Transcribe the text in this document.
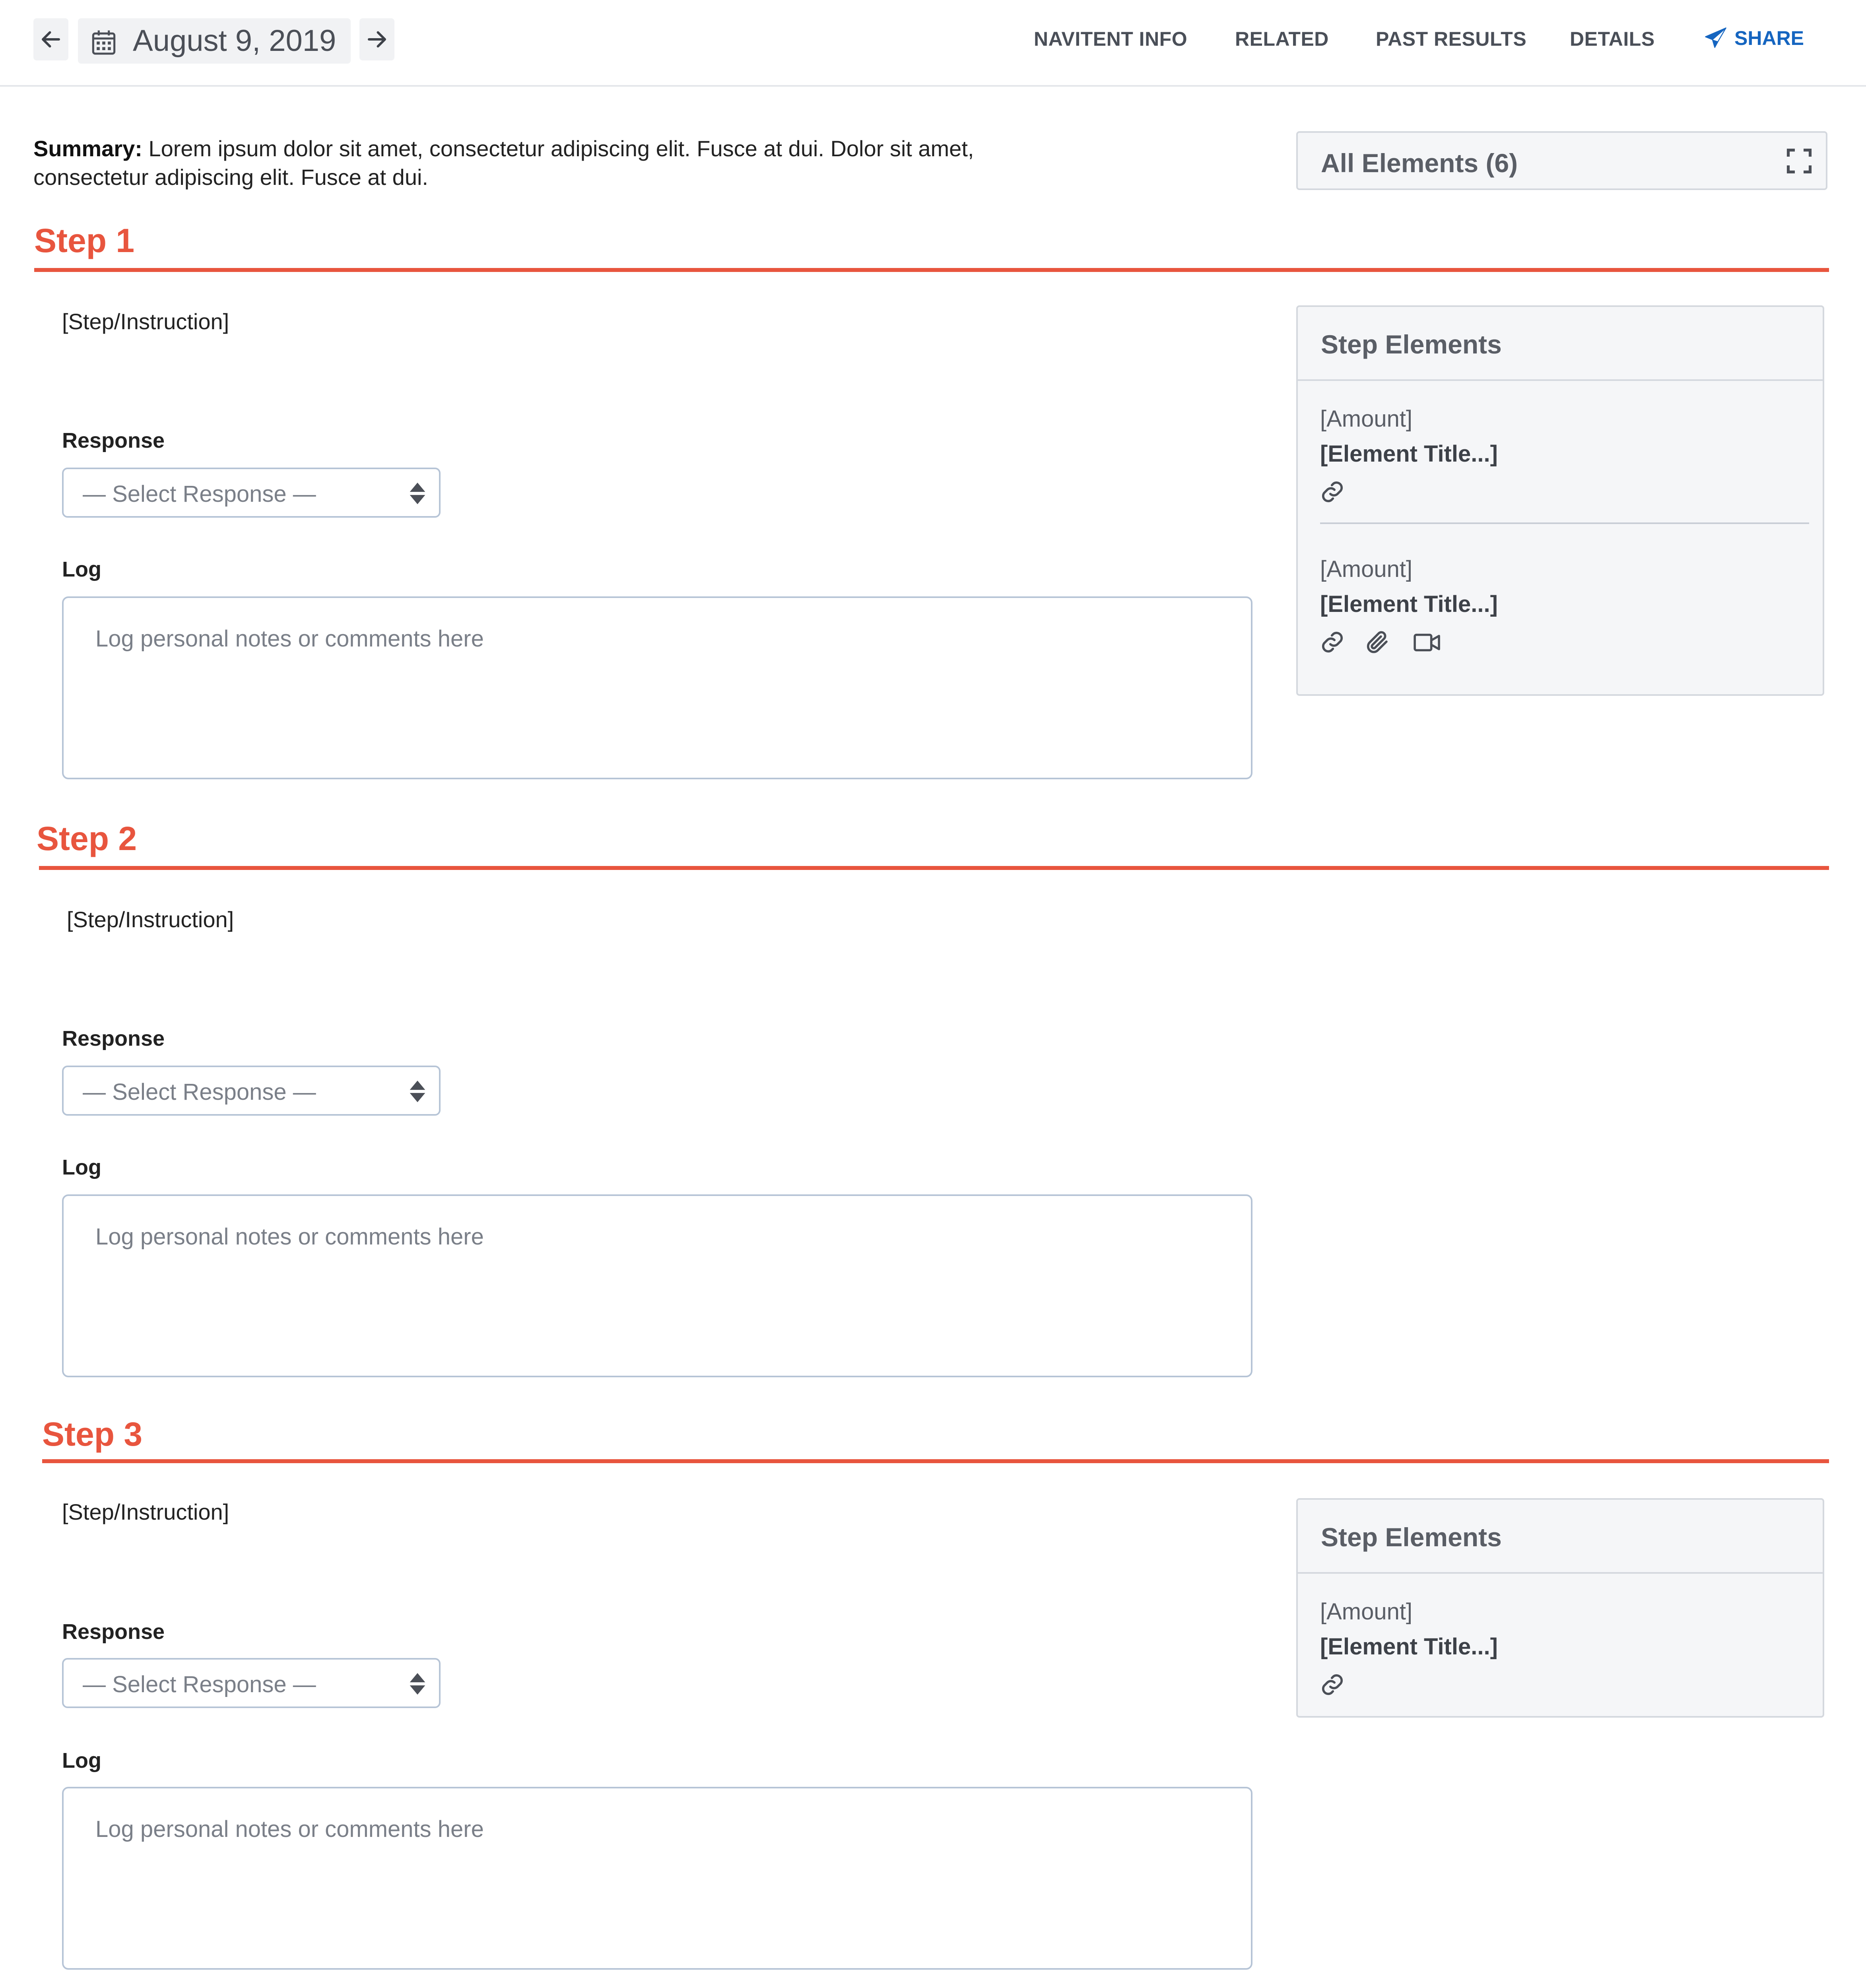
August 9, 2019	NAVITENT INFO RELATED PAST RESULTS DETAILS	SHARE
Summary: Lorem ipsum dolor sit amet, consectetur adipiscing elit. Fusce at dui. Dolor sit amet, consectetur adipiscing elit. Fusce at dui.	All Elements (6)
Step 1
[Step/Instruction]
Response
— Select Response —
Log
Log personal notes or comments here
Step Elements
[Amount]
[Element Title...]
[Amount]
[Element Title...]
Step 2
[Step/Instruction]
Response
— Select Response —
Log
Log personal notes or comments here
Step 3
[Step/Instruction]
Response
— Select Response —
Log
Log personal notes or comments here
Step Elements
[Amount]
[Element Title...]
